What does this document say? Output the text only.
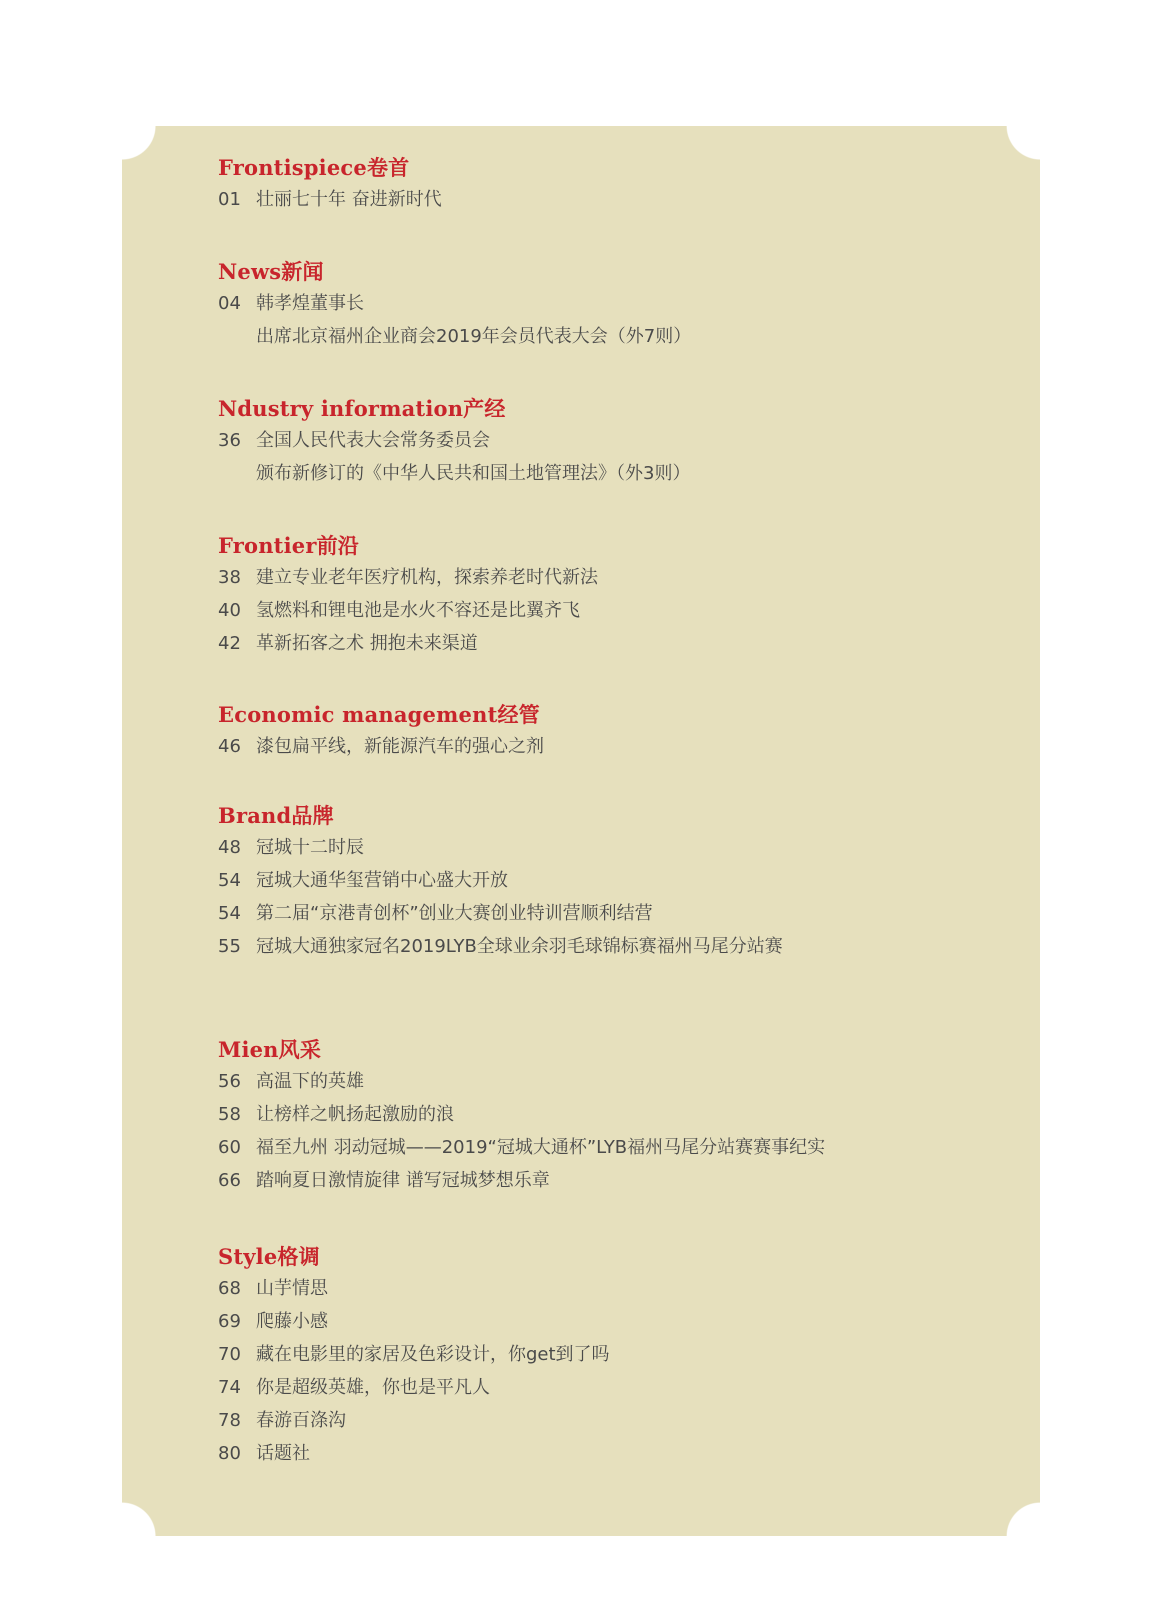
Frontispiece卷首
01 壮丽七十年 奋进新时代
News新闻
04 韩孝煌董事长
出席北京福州企业商会2019年会员代表大会（外7则）
Ndustry information产经
36 全国人民代表大会常务委员会
颁布新修订的《中华人民共和国土地管理法》（外3则）
Frontier前沿
38 建立专业老年医疗机构，探索养老时代新法
40 氢燃料和锂电池是水火不容还是比翼齐飞
42 革新拓客之术 拥抱未来渠道
Economic management经管
46 漆包扁平线，新能源汽车的强心之剂
Brand品牌
48 冠城十二时辰
54 冠城大通华玺营销中心盛大开放
54 第二届“京港青创杯”创业大赛创业特训营顺利结营
55 冠城大通独家冠名2019LYB全球业余羽毛球锦标赛福州马尾分站赛
Mien风采
56 高温下的英雄
58 让榜样之帆扬起激励的浪
60 福至九州 羽动冠城——2019“冠城大通杯”LYB福州马尾分站赛赛事纪实
66 踏响夏日激情旋律 谱写冠城梦想乐章
Style格调
68 山芋情思
69 爬藤小感
70 藏在电影里的家居及色彩设计，你get到了吗
74 你是超级英雄，你也是平凡人
78 春游百涤沟
80 话题社
